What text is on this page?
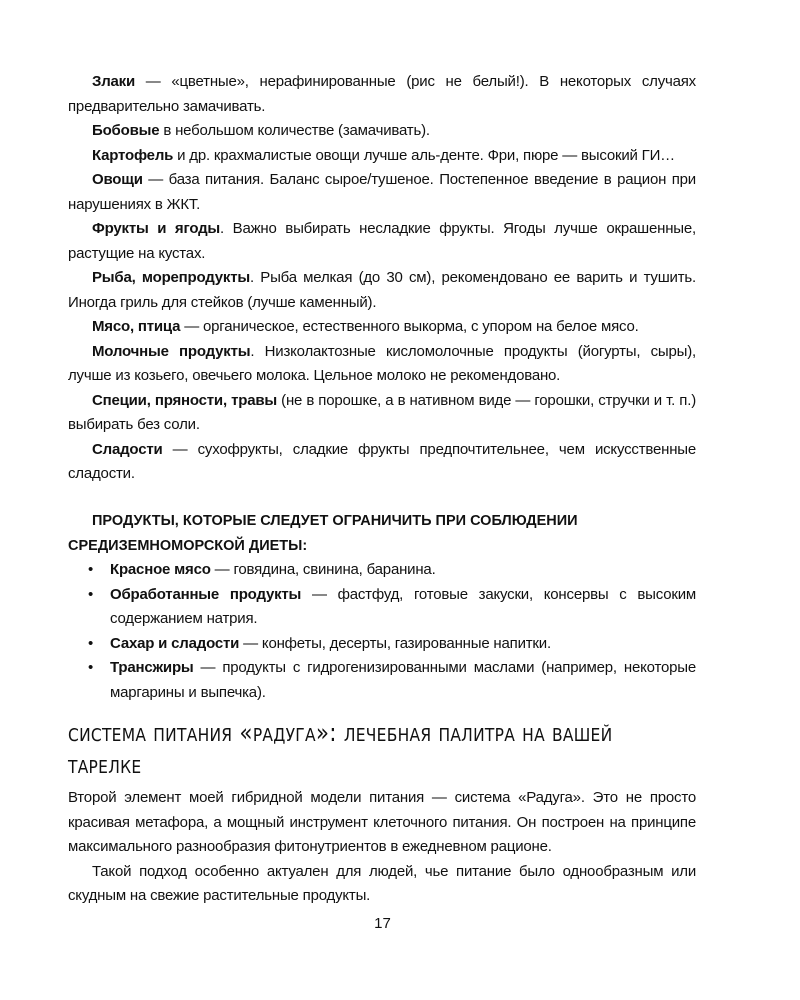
Злаки — «цветные», нерафинированные (рис не белый!). В некоторых случаях предварительно замачивать.
Бобовые в небольшом количестве (замачивать).
Картофель и др. крахмалистые овощи лучше аль-денте. Фри, пюре — высокий ГИ…
Овощи — база питания. Баланс сырое/тушеное. Постепенное введение в рацион при нарушениях в ЖКТ.
Фрукты и ягоды. Важно выбирать несладкие фрукты. Ягоды лучше окрашенные, растущие на кустах.
Рыба, морепродукты. Рыба мелкая (до 30 см), рекомендовано ее варить и тушить. Иногда гриль для стейков (лучше каменный).
Мясо, птица — органическое, естественного выкорма, с упором на белое мясо.
Молочные продукты. Низколактозные кисломолочные продукты (йогурты, сыры), лучше из козьего, овечьего молока. Цельное молоко не рекомендовано.
Специи, пряности, травы (не в порошке, а в нативном виде — горошки, стручки и т. п.) выбирать без соли.
Сладости — сухофрукты, сладкие фрукты предпочтительнее, чем искусственные сладости.
ПРОДУКТЫ, КОТОРЫЕ СЛЕДУЕТ ОГРАНИЧИТЬ ПРИ СОБЛЮДЕНИИ СРЕДИЗЕМНОМОРСКОЙ ДИЕТЫ:
• Красное мясо — говядина, свинина, баранина.
• Обработанные продукты — фастфуд, готовые закуски, консервы с высоким содержанием натрия.
• Сахар и сладости — конфеты, десерты, газированные напитки.
• Трансжиры — продукты с гидрогенизированными маслами (например, некоторые маргарины и выпечка).
система питания «радуга»: лечебная палитра на вашей
тарелке
Второй элемент моей гибридной модели питания — система «Радуга». Это не просто красивая метафора, а мощный инструмент клеточного питания. Он построен на принципе максимального разнообразия фитонутриентов в ежедневном рационе.
Такой подход особенно актуален для людей, чье питание было однообразным или скудным на свежие растительные продукты.
17
